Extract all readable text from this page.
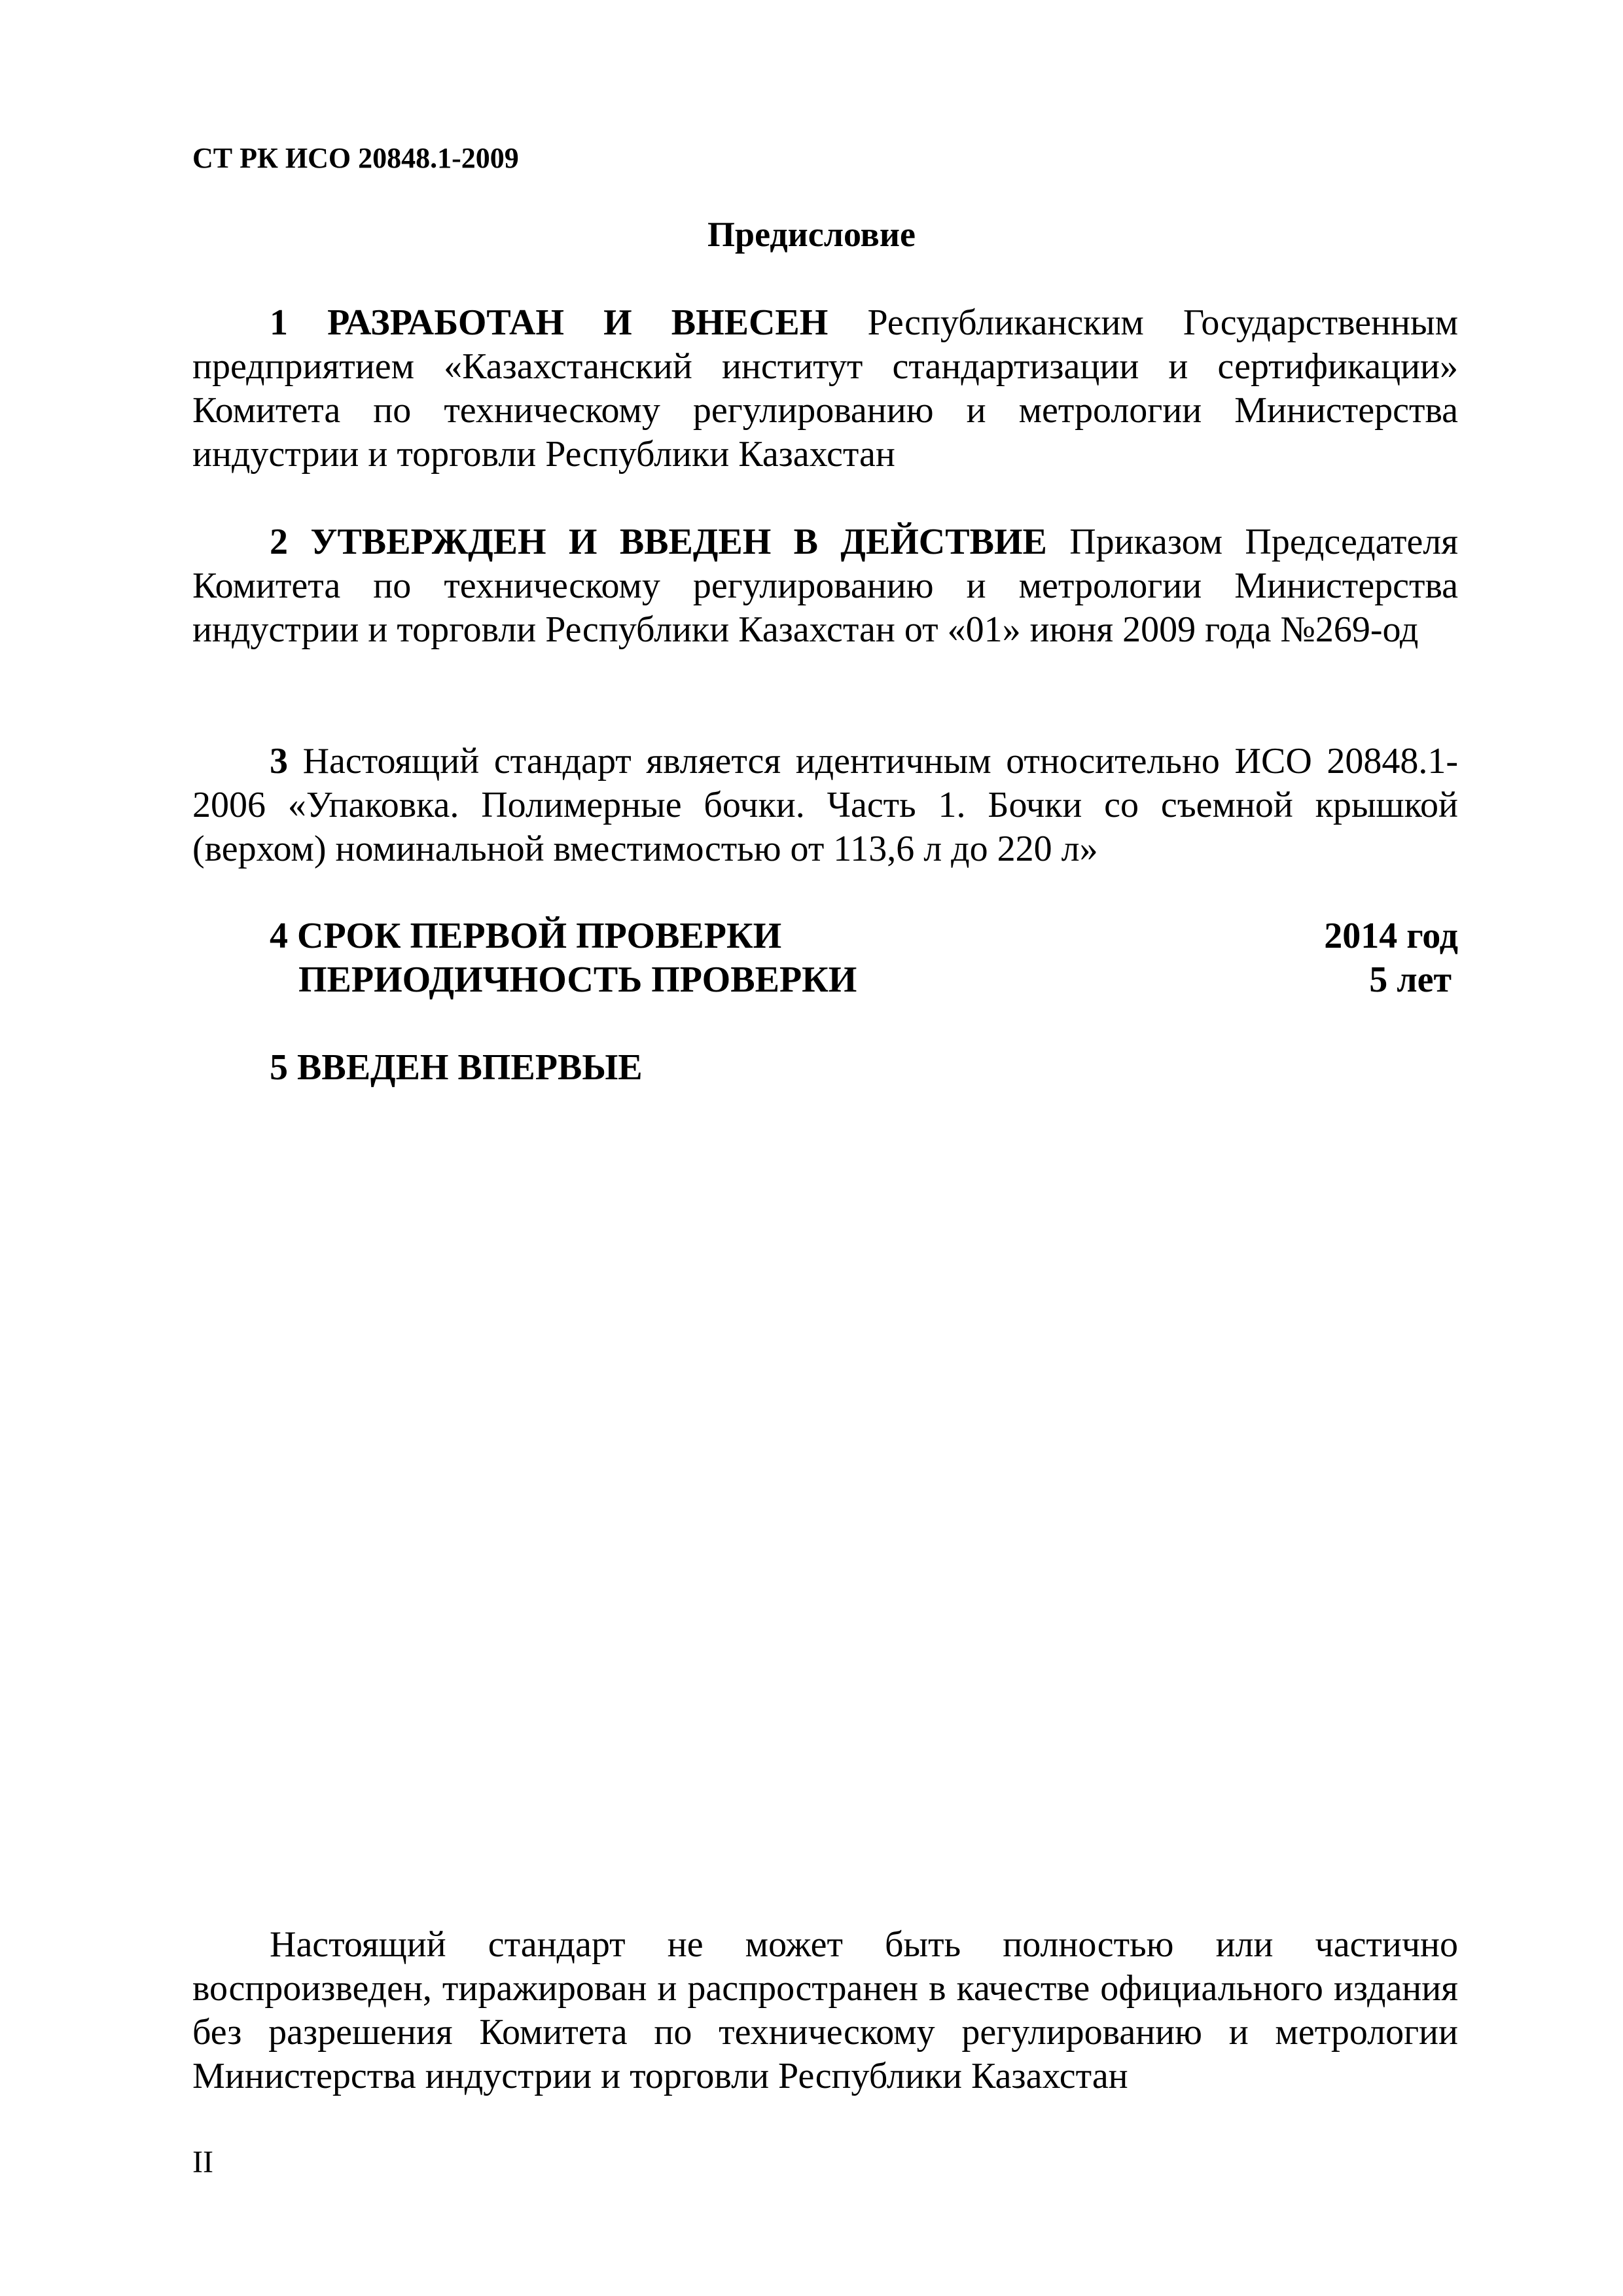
СТ РК ИСО 20848.1-2009
Предисловие
1 РАЗРАБОТАН И ВНЕСЕН Республиканским Государственным предприятием «Казахстанский институт стандартизации и сертификации» Комитета по техническому регулированию и метрологии Министерства индустрии и торговли Республики Казахстан
2 УТВЕРЖДЕН И ВВЕДЕН В ДЕЙСТВИЕ Приказом Председателя Комитета по техническому регулированию и метрологии Министерства индустрии и торговли Республики Казахстан от «01» июня 2009 года №269-од
3 Настоящий стандарт является идентичным относительно ИСО 20848.1-2006 «Упаковка. Полимерные бочки. Часть 1. Бочки со съемной крышкой (верхом) номинальной вместимостью от 113,6 л до 220 л»
4 СРОК ПЕРВОЙ ПРОВЕРКИ	2014 год
ПЕРИОДИЧНОСТЬ ПРОВЕРКИ	5 лет
5 ВВЕДЕН ВПЕРВЫЕ
Настоящий стандарт не может быть полностью или частично воспроизведен, тиражирован и распространен в качестве официального издания без разрешения Комитета по техническому регулированию и метрологии Министерства индустрии и торговли Республики Казахстан
II
